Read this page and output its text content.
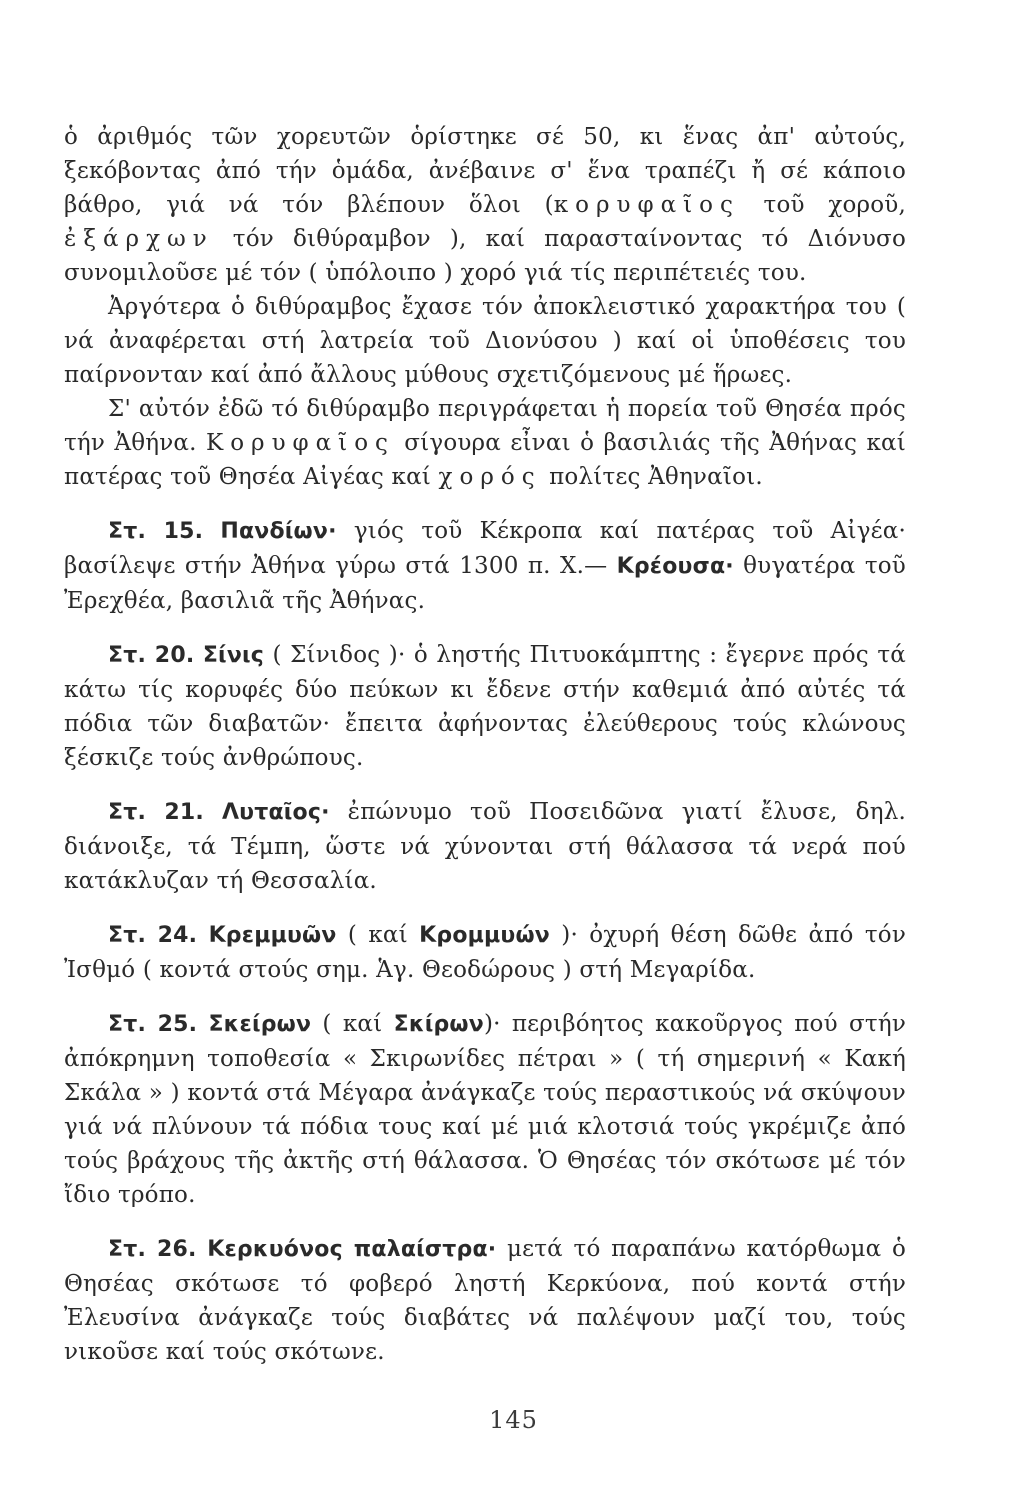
ὁ ἀριθμός τῶν χορευτῶν ὁρίστηκε σέ 50, κι ἕνας ἀπ' αὐτούς, ξεκόβοντας ἀπό τήν ὁμάδα, ἀνέβαινε σ' ἕνα τραπέζι ἤ σέ κάποιο βάθρο, γιά νά τόν βλέπουν ὅλοι (κορυφαῖος τοῦ χοροῦ, ἐξάρχων τόν διθύραμβον ), καί παρασταίνοντας τό Διόνυσο συνομιλοῦσε μέ τόν ( ὑπόλοιπο ) χορό γιά τίς περιπέτειές του.

Ἀργότερα ὁ διθύραμβος ἔχασε τόν ἀποκλειστικό χαρακτήρα του ( νά ἀναφέρεται στή λατρεία τοῦ Διονύσου ) καί οἱ ὑποθέσεις του παίρνονταν καί ἀπό ἄλλους μύθους σχετιζόμενους μέ ἥρωες.

Σ' αὐτόν ἐδῶ τό διθύραμβο περιγράφεται ἡ πορεία τοῦ Θησέα πρός τήν Ἀθήνα. Κορυφαῖος σίγουρα εἶναι ὁ βασιλιάς τῆς Ἀθήνας καί πατέρας τοῦ Θησέα Αἰγέας καί χορός πολίτες Ἀθηναῖοι.

Στ. 15. Πανδίων· γιός τοῦ Κέκροπα καί πατέρας τοῦ Αἰγέα· βασίλεψε στήν Ἀθήνα γύρω στά 1300 π. Χ.— Κρέουσα· θυγατέρα τοῦ Ἐρεχθέα, βασιλιᾶ τῆς Ἀθήνας.

Στ. 20. Σίνις ( Σίνιδος )· ὁ ληστής Πιτυοκάμπτης : ἔγερνε πρός τά κάτω τίς κορυφές δύο πεύκων κι ἔδενε στήν καθεμιά ἀπό αὐτές τά πόδια τῶν διαβατῶν· ἔπειτα ἀφήνοντας ἐλεύθερους τούς κλώνους ξέσκιζε τούς ἀνθρώπους.

Στ. 21. Λυταῖος· ἐπώνυμο τοῦ Ποσειδῶνα γιατί ἔλυσε, δηλ. διάνοιξε, τά Τέμπη, ὥστε νά χύνονται στή θάλασσα τά νερά πού κατάκλυζαν τή Θεσσαλία.

Στ. 24. Κρεμμυῶν ( καί Κρομμυών )· ὀχυρή θέση δῶθε ἀπό τόν Ἰσθμό ( κοντά στούς σημ. Ἁγ. Θεοδώρους ) στή Μεγαρίδα.

Στ. 25. Σκείρων ( καί Σκίρων)· περιβόητος κακοῦργος πού στήν ἀπόκρημνη τοποθεσία « Σκιρωνίδες πέτραι » ( τή σημερινή « Κακή Σκάλα » ) κοντά στά Μέγαρα ἀνάγκαζε τούς περαστικούς νά σκύψουν γιά νά πλύνουν τά πόδια τους καί μέ μιά κλοτσιά τούς γκρέμιζε ἀπό τούς βράχους τῆς ἀκτῆς στή θάλασσα. Ὁ Θησέας τόν σκότωσε μέ τόν ἴδιο τρόπο.

Στ. 26. Κερκυόνος παλαίστρα· μετά τό παραπάνω κατόρθωμα ὁ Θησέας σκότωσε τό φοβερό ληστή Κερκύονα, πού κοντά στήν Ἐλευσίνα ἀνάγκαζε τούς διαβάτες νά παλέψουν μαζί του, τούς νικοῦσε καί τούς σκότωνε.

145
